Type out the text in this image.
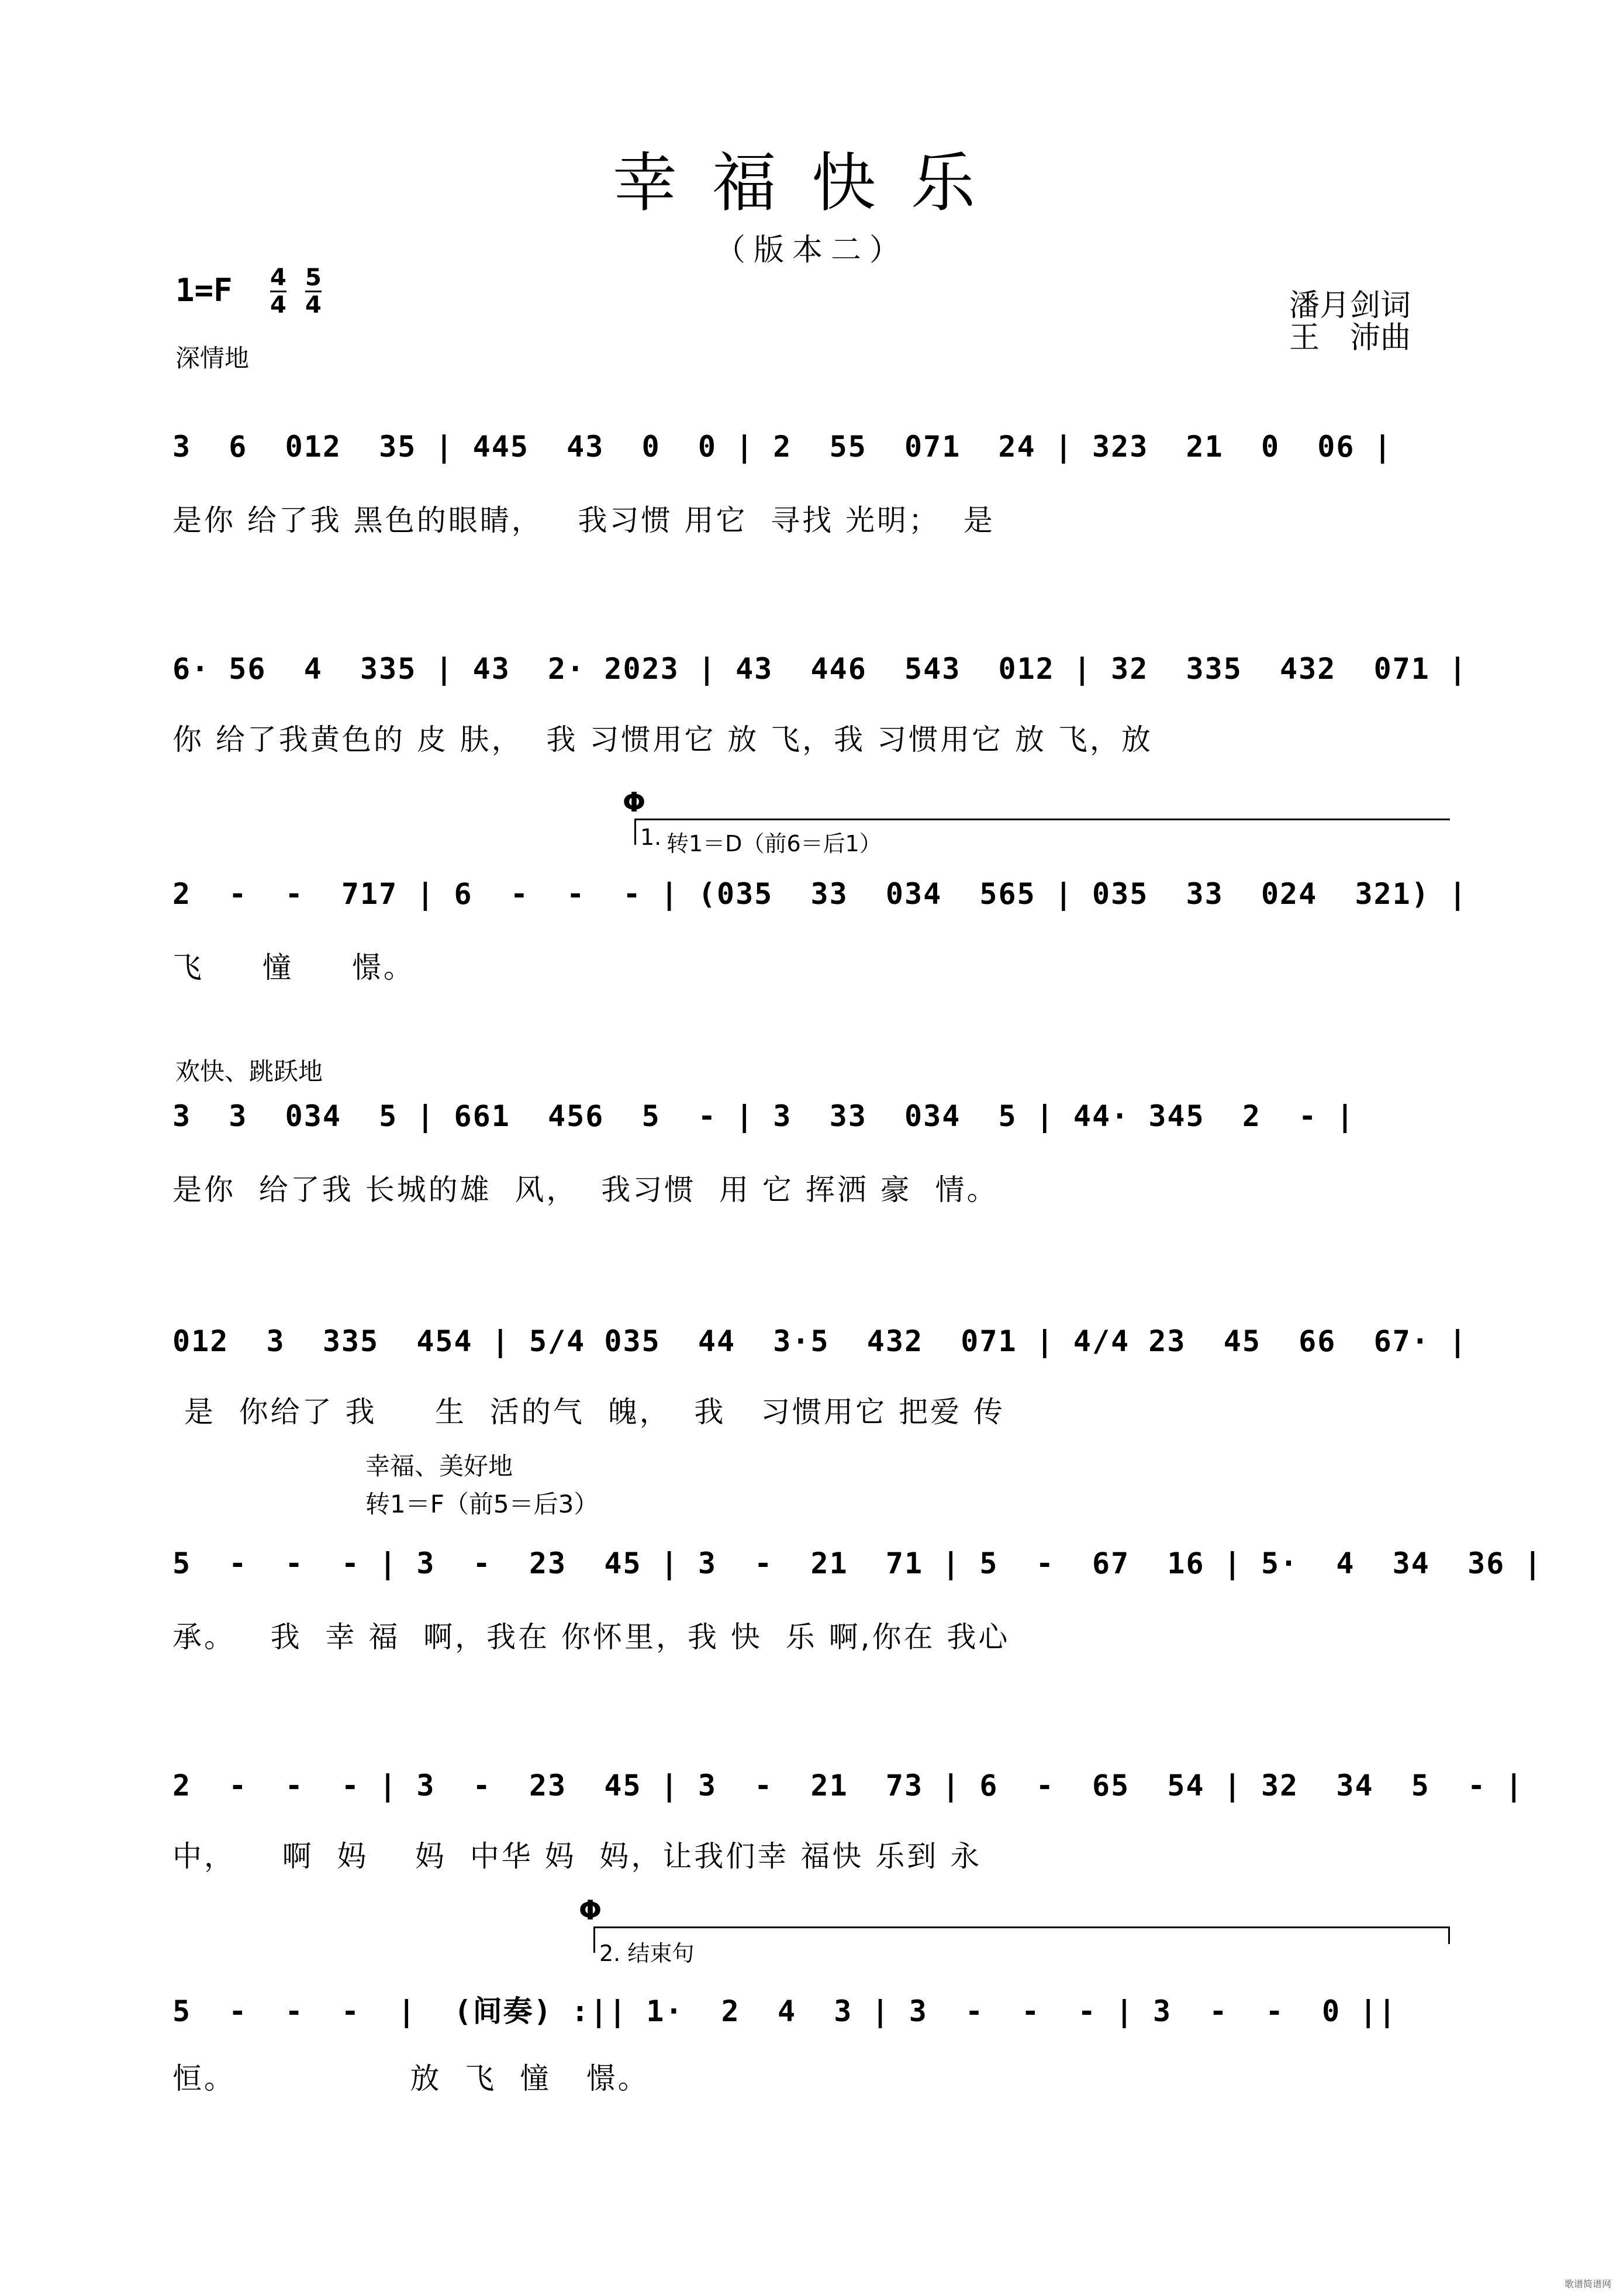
幸福快乐
（版本二）
1=F 4
4
5
4	潘月剑词
王　沛曲
深情地
3  6  012  35 | 445  43  0  0 | 2  55  071  24 | 323  21  0  06 |
是你 给了我 黑色的眼睛，   我习惯 用它  寻找 光明；  是
6· 56  4  335 | 43  2· 2023 | 43  446  543  012 | 32  335  432  071 |
你 给了我黄色的 皮 肤，  我 习惯用它 放 飞，我 习惯用它 放 飞，放
Φ
1. 转1＝D（前6＝后1）
2  -  -  717 | 6  -  -  - | (035  33  034  565 | 035  33  024  321) |
飞     憧     憬。
欢快、跳跃地
3  3  034  5 | 661  456  5  - | 3  33  034  5 | 44· 345  2  - |
是你  给了我 长城的雄  风，  我习惯  用 它 挥洒 豪  情。
012  3  335  454 | 5/4 035  44  3·5  432  071 | 4/4 23  45  66  67· |
是  你给了 我     生  活的气  魄，  我   习惯用它 把爱 传
幸福、美好地
转1＝F（前5＝后3）
5  -  -  - | 3  -  23  45 | 3  -  21  71 | 5  -  67  16 | 5·  4  34  36 |
承。   我  幸 福  啊，我在 你怀里，我 快  乐 啊,你在 我心
2  -  -  - | 3  -  23  45 | 3  -  21  73 | 6  -  65  54 | 32  34  5  - |
中，    啊  妈    妈  中华 妈  妈，让我们幸 福快 乐到 永
Φ
2. 结束句
5  -  -  -  |  (间奏) :|| 1·  2  4  3 | 3  -  -  - | 3  -  -  0 ||
恒。               放  飞  憧   憬。
歌谱简谱网
